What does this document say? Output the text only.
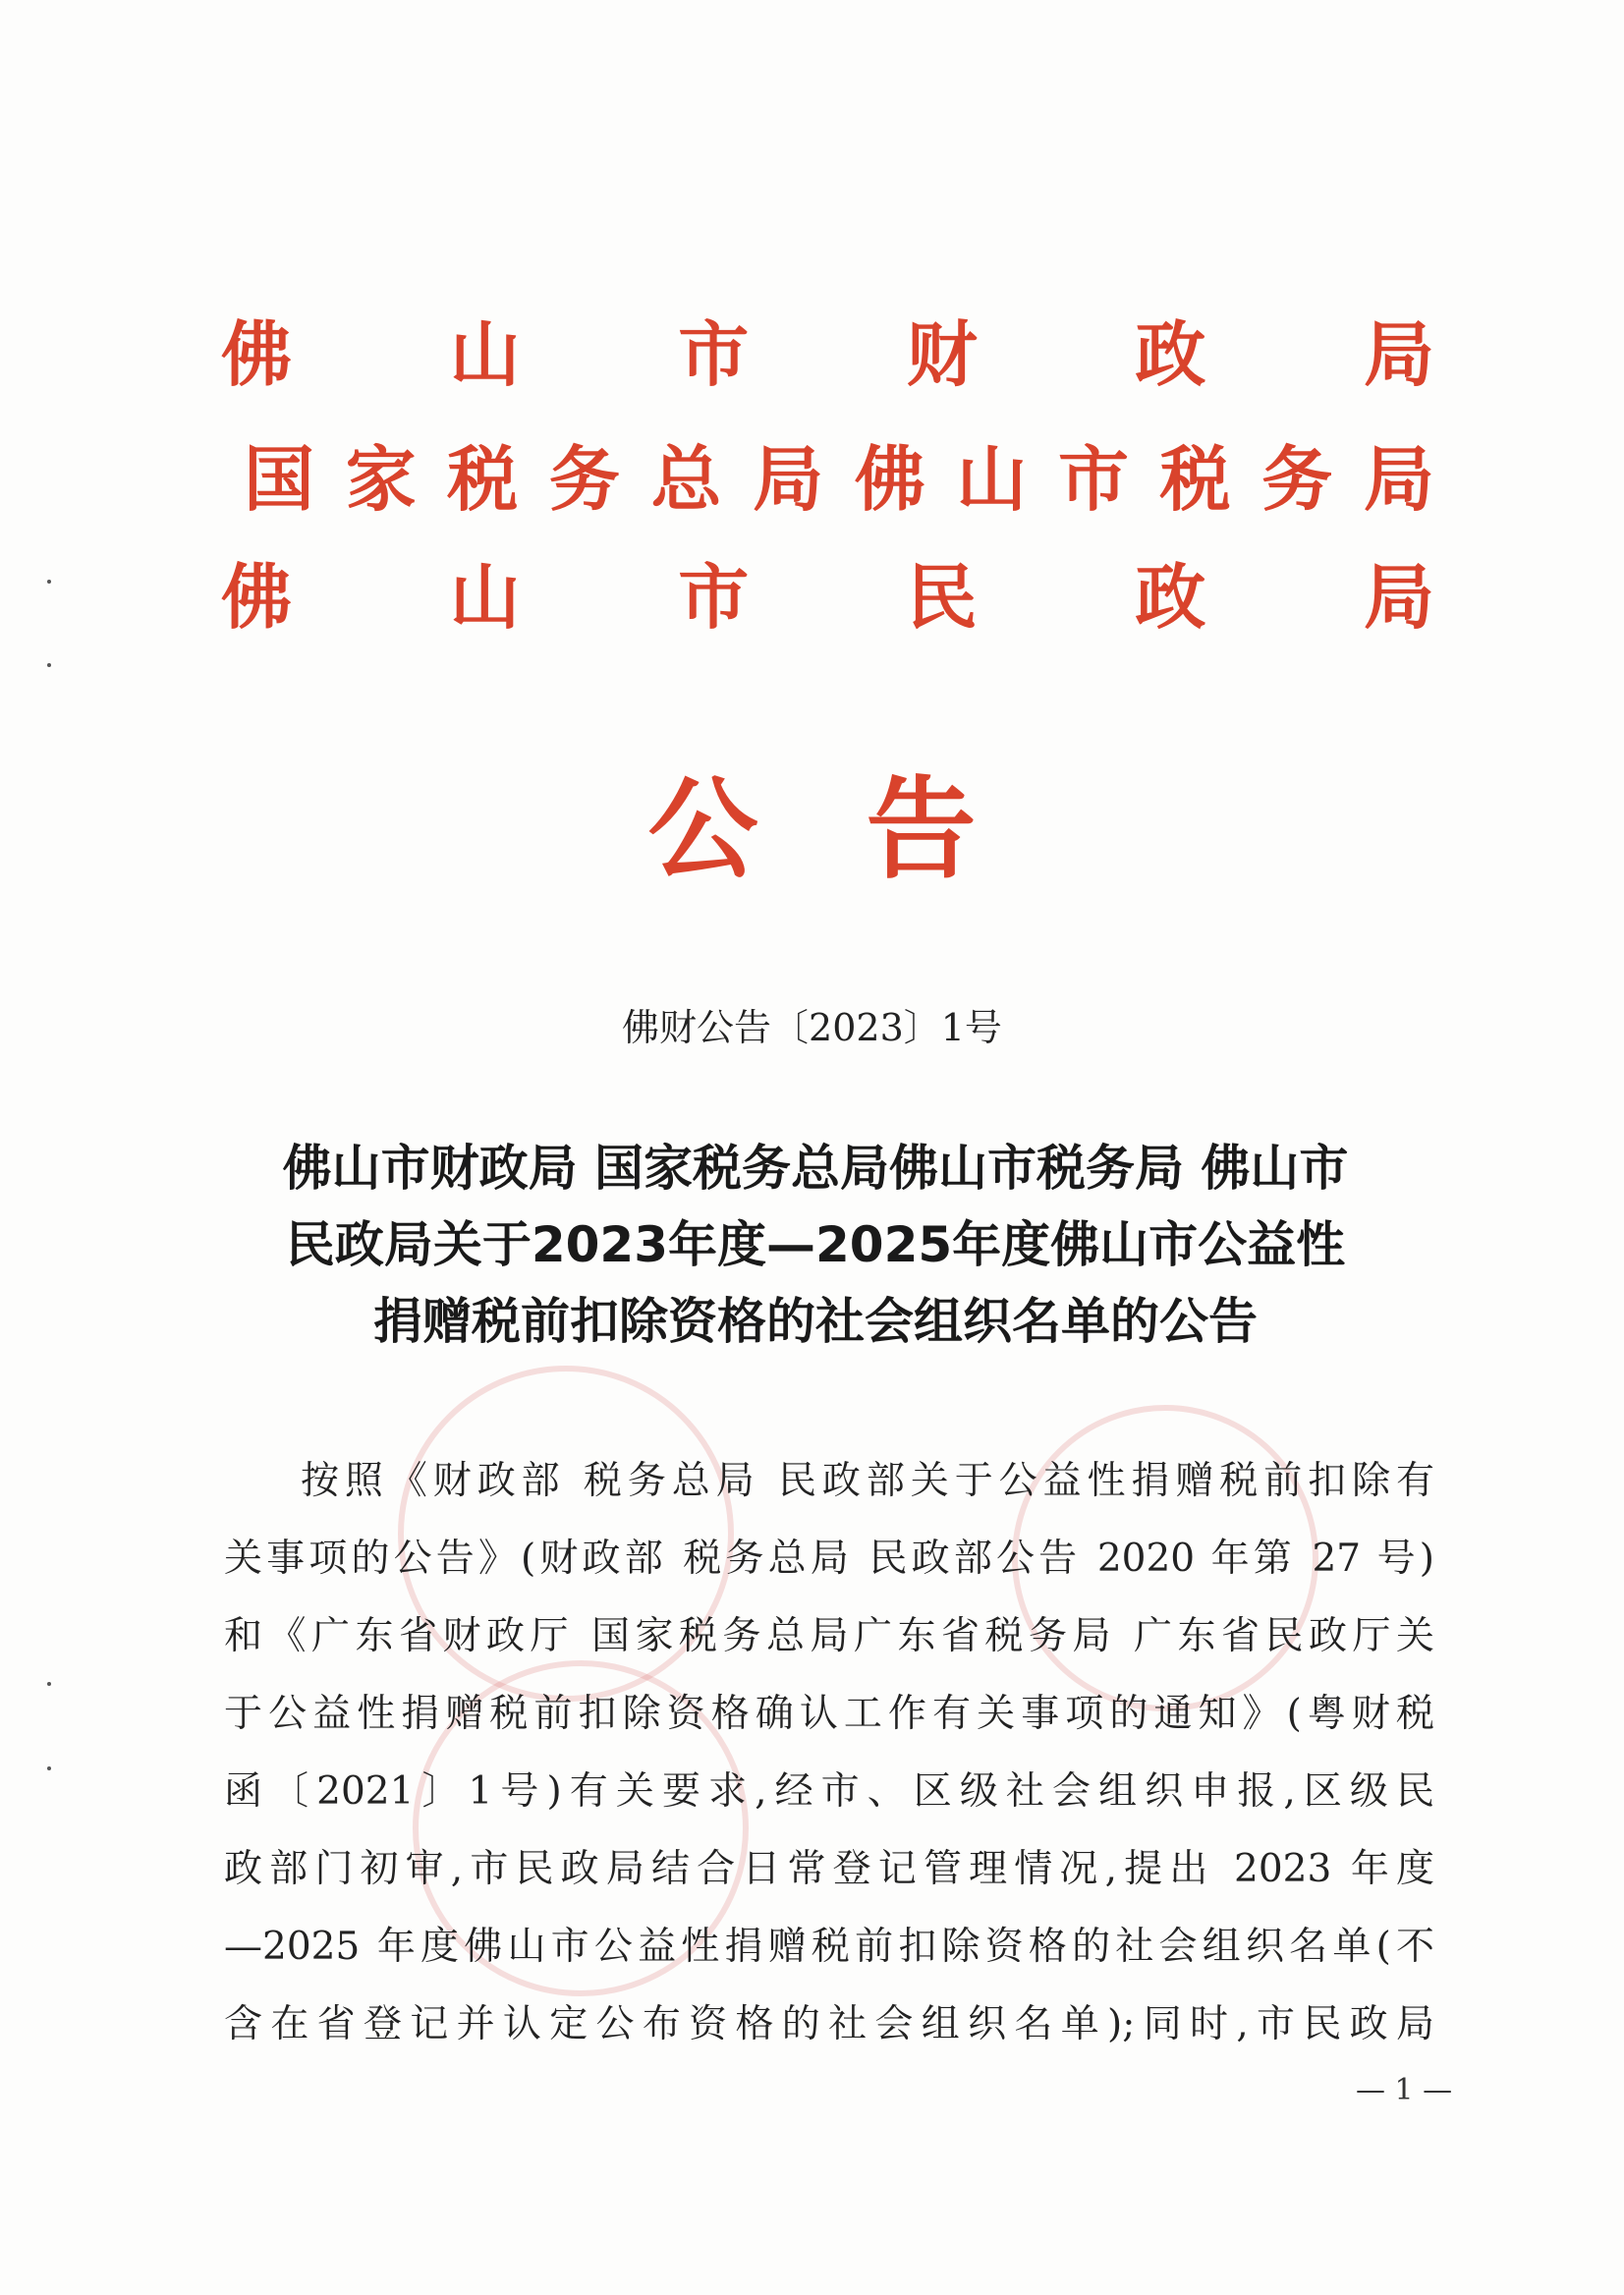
佛 山 市 财 政 局
国 家 税 务 总 局 佛 山 市 税 务 局
佛 山 市 民 政 局
公告
佛财公告〔2023〕1号
佛山市财政局 国家税务总局佛山市税务局 佛山市
民政局关于2023年度—2025年度佛山市公益性
捐赠税前扣除资格的社会组织名单的公告
按照《财政部 税务总局 民政部关于公益性捐赠税前扣除有
关事项的公告》(财政部 税务总局 民政部公告 2020 年第 27 号)
和《广东省财政厅 国家税务总局广东省税务局 广东省民政厅关
于公益性捐赠税前扣除资格确认工作有关事项的通知》(粤财税
函〔2021〕1号)有关要求,经市、区级社会组织申报,区级民
政部门初审,市民政局结合日常登记管理情况,提出 2023 年度
—2025 年度佛山市公益性捐赠税前扣除资格的社会组织名单(不
含在省登记并认定公布资格的社会组织名单);同时,市民政局
— 1 —
